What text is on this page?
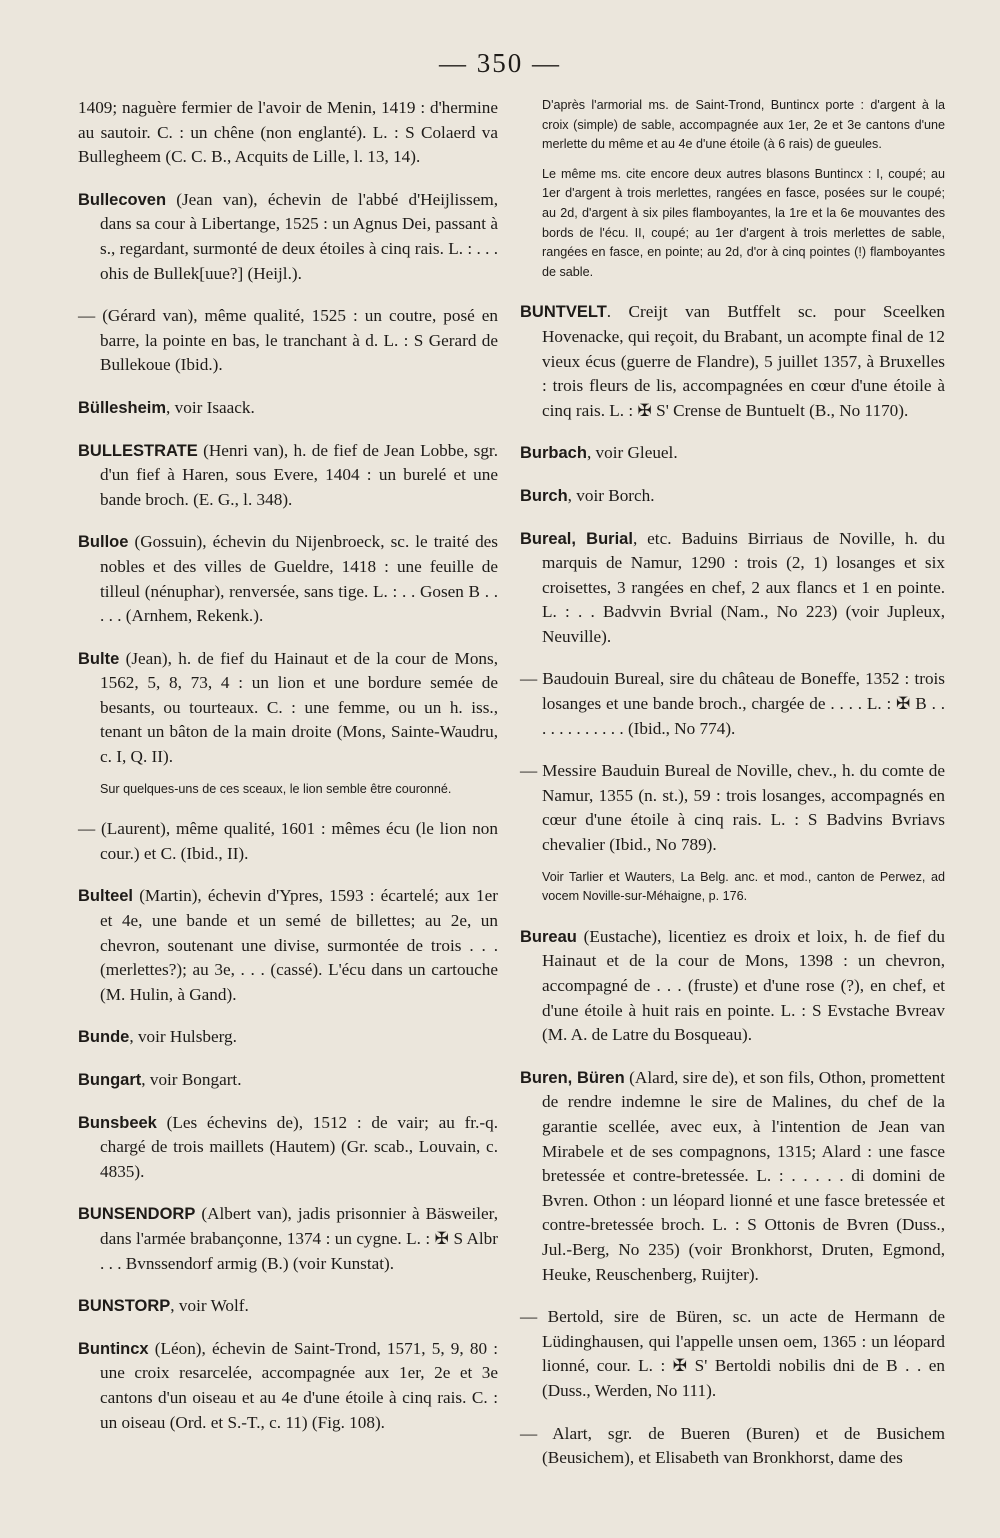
— 350 —

1409; naguère fermier de l'avoir de Menin, 1419 : d'hermine au sautoir. C. : un chêne (non englanté). L. : S Colaerd va Bullegheem (C. C. B., Acquits de Lille, l. 13, 14).

Bullecoven (Jean van), échevin de l'abbé d'Heijlissem, dans sa cour à Libertange, 1525 : un Agnus Dei, passant à s., regardant, surmonté de deux étoiles à cinq rais. L. : . . . ohis de Bullek[uue?] (Heijl.).

— (Gérard van), même qualité, 1525 : un coutre, posé en barre, la pointe en bas, le tranchant à d. L. : S Gerard de Bullekoue (Ibid.).

Büllesheim, voir Isaack.

BULLESTRATE (Henri van), h. de fief de Jean Lobbe, sgr. d'un fief à Haren, sous Evere, 1404 : un burelé et une bande broch. (E. G., l. 348).

Bulloe (Gossuin), échevin du Nijenbroeck, sc. le traité des nobles et des villes de Gueldre, 1418 : une feuille de tilleul (nénuphar), renversée, sans tige. L. : . . Gosen B . . . . . (Arnhem, Rekenk.).

Bulte (Jean), h. de fief du Hainaut et de la cour de Mons, 1562, 5, 8, 73, 4 : un lion et une bordure semée de besants, ou tourteaux. C. : une femme, ou un h. iss., tenant un bâton de la main droite (Mons, Sainte-Waudru, c. I, Q. II).

Sur quelques-uns de ces sceaux, le lion semble être couronné.

— (Laurent), même qualité, 1601 : mêmes écu (le lion non cour.) et C. (Ibid., II).

Bulteel (Martin), échevin d'Ypres, 1593 : écartelé; aux 1er et 4e, une bande et un semé de billettes; au 2e, un chevron, soutenant une divise, surmontée de trois . . . (merlettes?); au 3e, . . . (cassé). L'écu dans un cartouche (M. Hulin, à Gand).

Bunde, voir Hulsberg.

Bungart, voir Bongart.

Bunsbeek (Les échevins de), 1512 : de vair; au fr.-q. chargé de trois maillets (Hautem) (Gr. scab., Louvain, c. 4835).

BUNSENDORP (Albert van), jadis prisonnier à Bäsweiler, dans l'armée brabançonne, 1374 : un cygne. L. : ✠ S Albr . . . Bvnssendorf armig (B.) (voir Kunstat).

BUNSTORP, voir Wolf.

Buntincx (Léon), échevin de Saint-Trond, 1571, 5, 9, 80 : une croix resarcelée, accompagnée aux 1er, 2e et 3e cantons d'un oiseau et au 4e d'une étoile à cinq rais. C. : un oiseau (Ord. et S.-T., c. 11) (Fig. 108).

D'après l'armorial ms. de Saint-Trond, Buntincx porte : d'argent à la croix (simple) de sable, accompagnée aux 1er, 2e et 3e cantons d'une merlette du même et au 4e d'une étoile (à 6 rais) de gueules.

Le même ms. cite encore deux autres blasons Buntincx : I, coupé; au 1er d'argent à trois merlettes, rangées en fasce, posées sur le coupé; au 2d, d'argent à six piles flamboyantes, la 1re et la 6e mouvantes des bords de l'écu. II, coupé; au 1er d'argent à trois merlettes de sable, rangées en fasce, en pointe; au 2d, d'or à cinq pointes (!) flamboyantes de sable.

BUNTVELT. Creijt van Butffelt sc. pour Sceelken Hovenacke, qui reçoit, du Brabant, un acompte final de 12 vieux écus (guerre de Flandre), 5 juillet 1357, à Bruxelles : trois fleurs de lis, accompagnées en cœur d'une étoile à cinq rais. L. : ✠ S' Crense de Buntuelt (B., No 1170).

Burbach, voir Gleuel.

Burch, voir Borch.

Bureal, Burial, etc. Baduins Birriaus de Noville, h. du marquis de Namur, 1290 : trois (2, 1) losanges et six croisettes, 3 rangées en chef, 2 aux flancs et 1 en pointe. L. : . . Badvvin Bvrial (Nam., No 223) (voir Jupleux, Neuville).

— Baudouin Bureal, sire du château de Boneffe, 1352 : trois losanges et une bande broch., chargée de . . . . L. : ✠ B . . . . . . . . . . . . (Ibid., No 774).

— Messire Bauduin Bureal de Noville, chev., h. du comte de Namur, 1355 (n. st.), 59 : trois losanges, accompagnés en cœur d'une étoile à cinq rais. L. : S Badvins Bvriavs chevalier (Ibid., No 789).

Voir Tarlier et Wauters, La Belg. anc. et mod., canton de Perwez, ad vocem Noville-sur-Méhaigne, p. 176.

Bureau (Eustache), licentiez es droix et loix, h. de fief du Hainaut et de la cour de Mons, 1398 : un chevron, accompagné de . . . (fruste) et d'une rose (?), en chef, et d'une étoile à huit rais en pointe. L. : S Evstache Bvreav (M. A. de Latre du Bosqueau).

Buren, Büren (Alard, sire de), et son fils, Othon, promettent de rendre indemne le sire de Malines, du chef de la garantie scellée, avec eux, à l'intention de Jean van Mirabele et de ses compagnons, 1315; Alard : une fasce bretessée et contre-bretessée. L. : . . . . . di domini de Bvren. Othon : un léopard lionné et une fasce bretessée et contre-bretessée broch. L. : S Ottonis de Bvren (Duss., Jul.-Berg, No 235) (voir Bronkhorst, Druten, Egmond, Heuke, Reuschenberg, Ruijter).

— Bertold, sire de Büren, sc. un acte de Hermann de Lüdinghausen, qui l'appelle unsen oem, 1365 : un léopard lionné, cour. L. : ✠ S' Bertoldi nobilis dni de B . . en (Duss., Werden, No 111).

— Alart, sgr. de Bueren (Buren) et de Busichem (Beusichem), et Elisabeth van Bronkhorst, dame des
